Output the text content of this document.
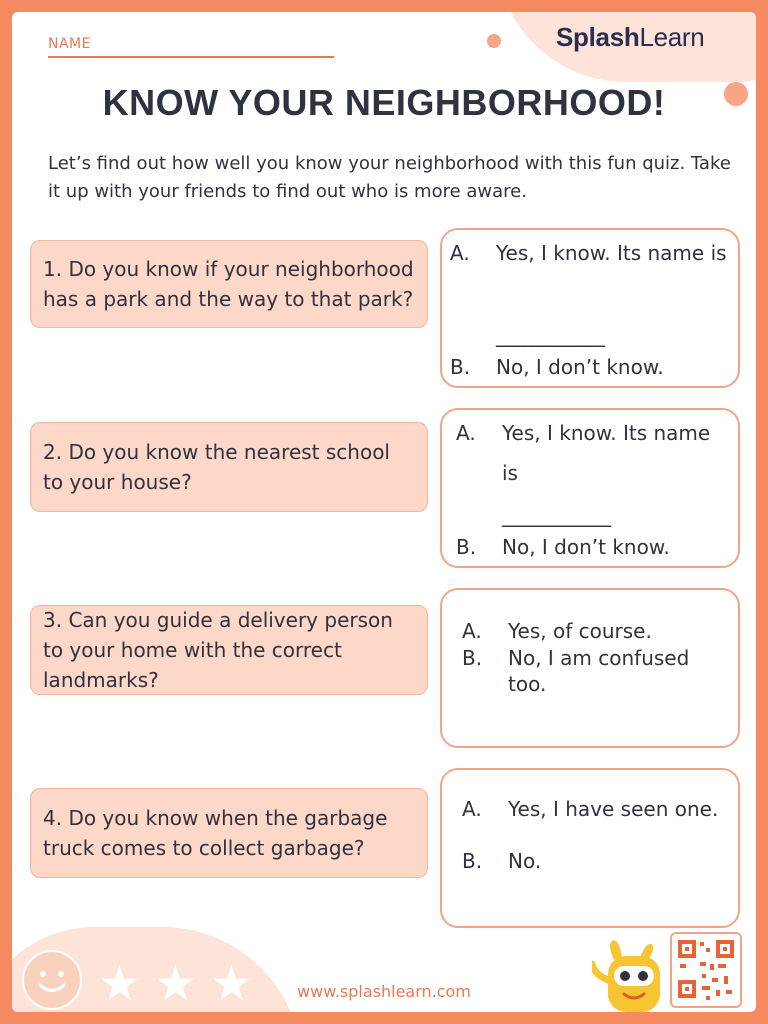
SplashLearn
NAME
KNOW YOUR NEIGHBORHOOD!
Let’s find out how well you know your neighborhood with this fun quiz. Take it up with your friends to find out who is more aware.
1. Do you know if your neighborhood has a park and the way to that park?
A. Yes, I know. Its name is
____________
B. No, I don’t know.
2. Do you know the nearest school to your house?
A. Yes, I know. Its name is
____________
B. No, I don’t know.
3. Can you guide a delivery person to your home with the correct landmarks?
A. Yes, of course.
B. No, I am confused too.
4. Do you know when the garbage truck comes to collect garbage?
A. Yes, I have seen one.
B. No.
★ ★ ★	www.splashlearn.com
